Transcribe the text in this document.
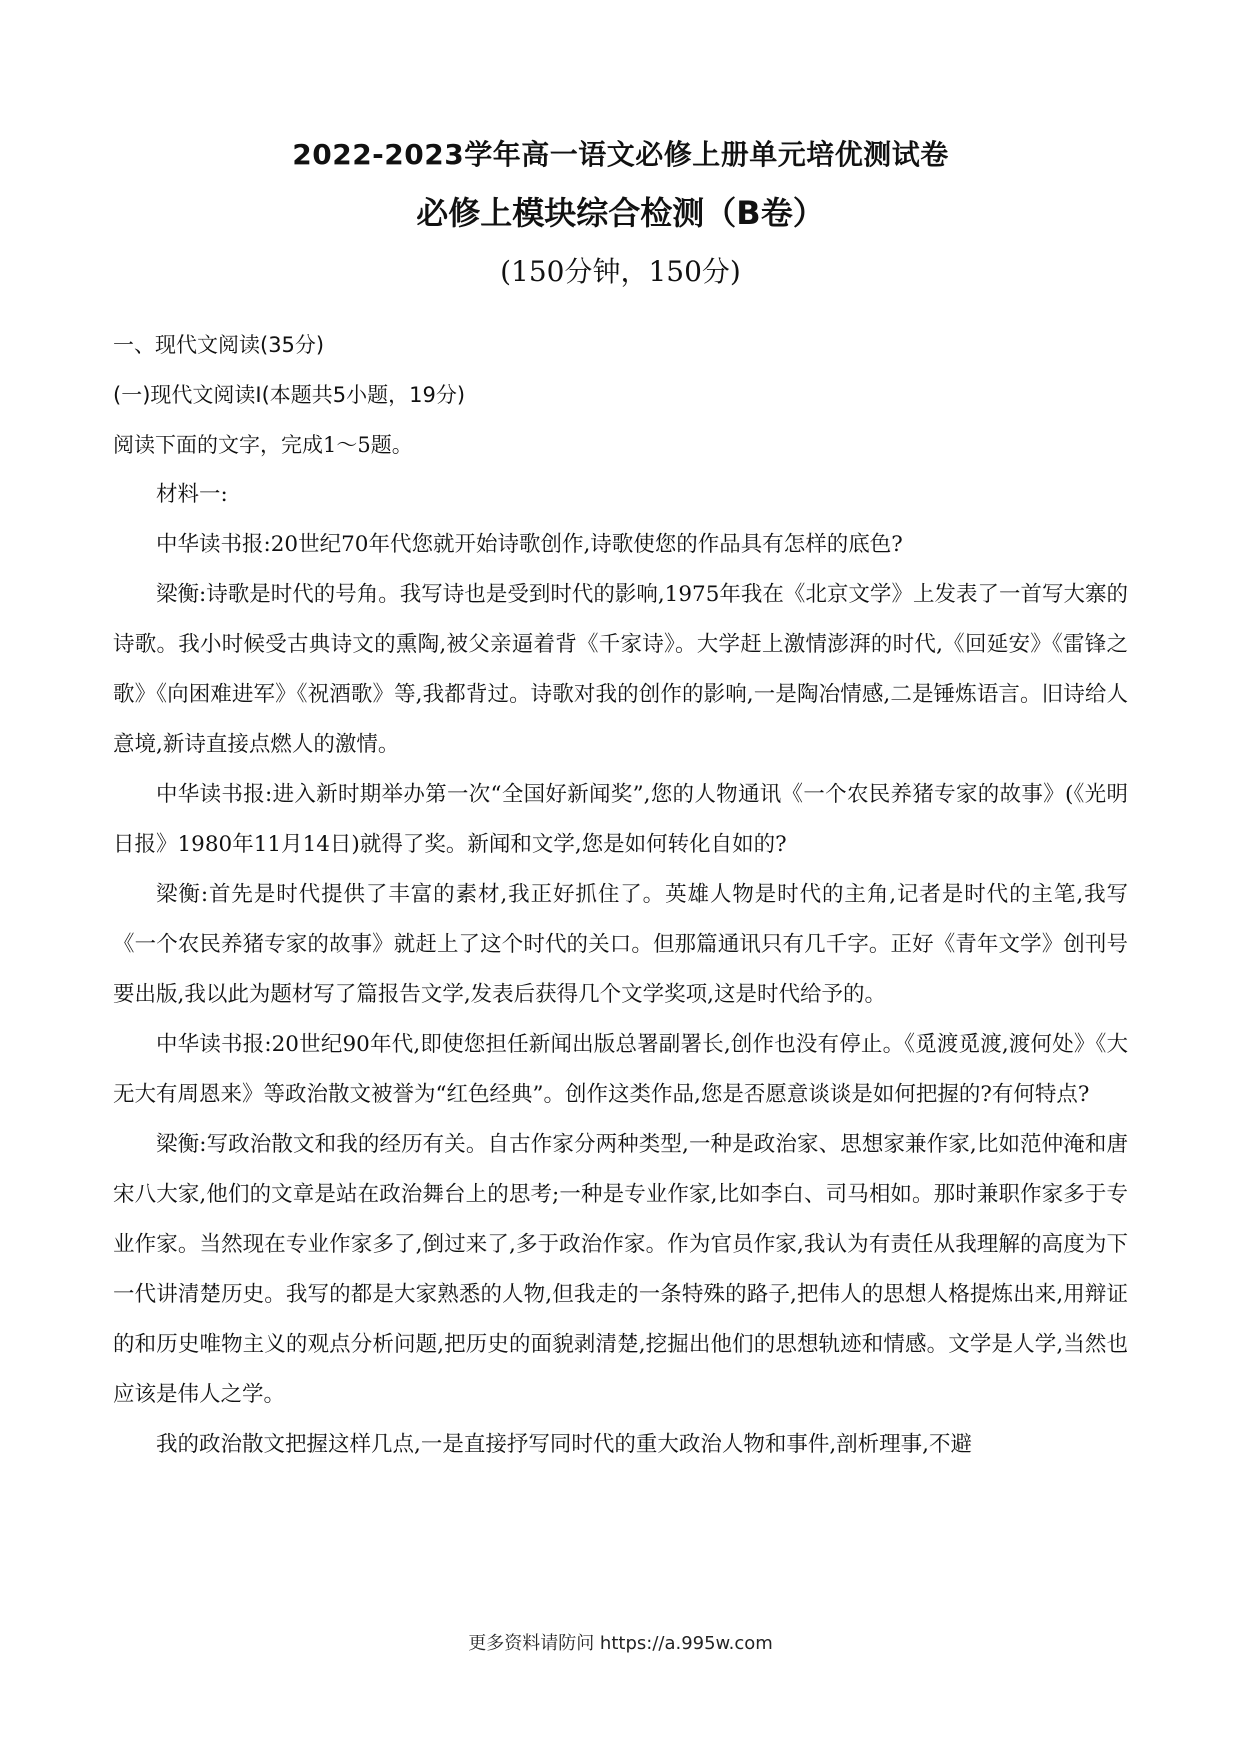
2022-2023学年高一语文必修上册单元培优测试卷
必修上模块综合检测（B卷）
(150分钟，150分)
一、现代文阅读(35分)
(一)现代文阅读Ⅰ(本题共5小题，19分)
阅读下面的文字，完成1～5题。

材料一:

中华读书报:20世纪70年代您就开始诗歌创作,诗歌使您的作品具有怎样的底色?

梁衡:诗歌是时代的号角。我写诗也是受到时代的影响,1975年我在《北京文学》上发表了一首写大寨的诗歌。我小时候受古典诗文的熏陶,被父亲逼着背《千家诗》。大学赶上激情澎湃的时代,《回延安》《雷锋之歌》《向困难进军》《祝酒歌》等,我都背过。诗歌对我的创作的影响,一是陶冶情感,二是锤炼语言。旧诗给人意境,新诗直接点燃人的激情。

中华读书报:进入新时期举办第一次“全国好新闻奖”,您的人物通讯《一个农民养猪专家的故事》(《光明日报》1980年11月14日)就得了奖。新闻和文学,您是如何转化自如的?

梁衡:首先是时代提供了丰富的素材,我正好抓住了。英雄人物是时代的主角,记者是时代的主笔,我写《一个农民养猪专家的故事》就赶上了这个时代的关口。但那篇通讯只有几千字。正好《青年文学》创刊号要出版,我以此为题材写了篇报告文学,发表后获得几个文学奖项,这是时代给予的。

中华读书报:20世纪90年代,即使您担任新闻出版总署副署长,创作也没有停止。《觅渡觅渡,渡何处》《大无大有周恩来》等政治散文被誉为“红色经典”。创作这类作品,您是否愿意谈谈是如何把握的?有何特点?

梁衡:写政治散文和我的经历有关。自古作家分两种类型,一种是政治家、思想家兼作家,比如范仲淹和唐宋八大家,他们的文章是站在政治舞台上的思考;一种是专业作家,比如李白、司马相如。那时兼职作家多于专业作家。当然现在专业作家多了,倒过来了,多于政治作家。作为官员作家,我认为有责任从我理解的高度为下一代讲清楚历史。我写的都是大家熟悉的人物,但我走的一条特殊的路子,把伟人的思想人格提炼出来,用辩证的和历史唯物主义的观点分析问题,把历史的面貌剥清楚,挖掘出他们的思想轨迹和情感。文学是人学,当然也应该是伟人之学。

我的政治散文把握这样几点,一是直接抒写同时代的重大政治人物和事件,剖析理事,不避

更多资料请防问 https://a.995w.com
